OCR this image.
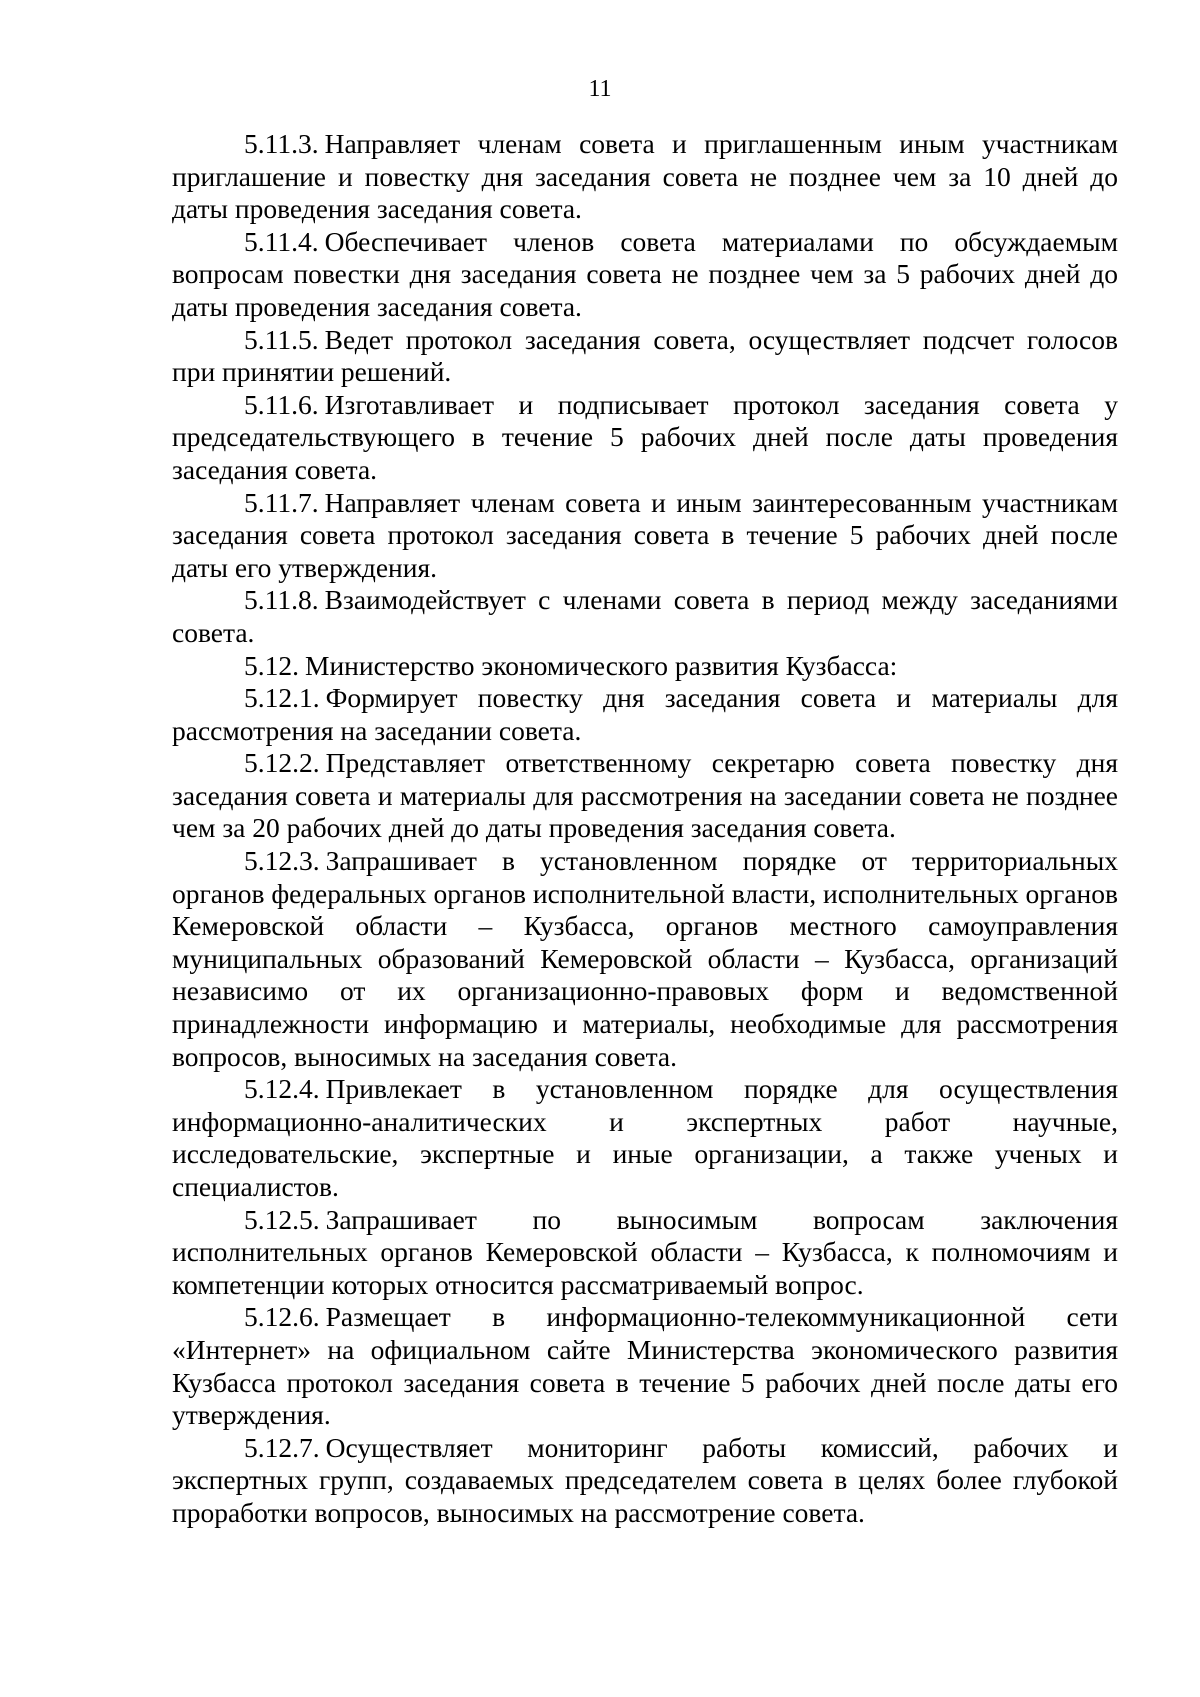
11

5.11.3. Направляет членам совета и приглашенным иным участникам приглашение и повестку дня заседания совета не позднее чем за 10 дней до даты проведения заседания совета.

5.11.4. Обеспечивает членов совета материалами по обсуждаемым вопросам повестки дня заседания совета не позднее чем за 5 рабочих дней до даты проведения заседания совета.

5.11.5. Ведет протокол заседания совета, осуществляет подсчет голосов при принятии решений.

5.11.6. Изготавливает и подписывает протокол заседания совета у председательствующего в течение 5 рабочих дней после даты проведения заседания совета.

5.11.7. Направляет членам совета и иным заинтересованным участникам заседания совета протокол заседания совета в течение 5 рабочих дней после даты его утверждения.

5.11.8. Взаимодействует с членами совета в период между заседаниями совета.

5.12. Министерство экономического развития Кузбасса:

5.12.1. Формирует повестку дня заседания совета и материалы для рассмотрения на заседании совета.

5.12.2. Представляет ответственному секретарю совета повестку дня заседания совета и материалы для рассмотрения на заседании совета не позднее чем за 20 рабочих дней до даты проведения заседания совета.

5.12.3. Запрашивает в установленном порядке от территориальных органов федеральных органов исполнительной власти, исполнительных органов Кемеровской области – Кузбасса, органов местного самоуправления муниципальных образований Кемеровской области – Кузбасса, организаций независимо от их организационно-правовых форм и ведомственной принадлежности информацию и материалы, необходимые для рассмотрения вопросов, выносимых на заседания совета.

5.12.4. Привлекает в установленном порядке для осуществления информационно-аналитических и экспертных работ научные, исследовательские, экспертные и иные организации, а также ученых и специалистов.

5.12.5. Запрашивает по выносимым вопросам заключения исполнительных органов Кемеровской области – Кузбасса, к полномочиям и компетенции которых относится рассматриваемый вопрос.

5.12.6. Размещает в информационно-телекоммуникационной сети «Интернет» на официальном сайте Министерства экономического развития Кузбасса протокол заседания совета в течение 5 рабочих дней после даты его утверждения.

5.12.7. Осуществляет мониторинг работы комиссий, рабочих и экспертных групп, создаваемых председателем совета в целях более глубокой проработки вопросов, выносимых на рассмотрение совета.
